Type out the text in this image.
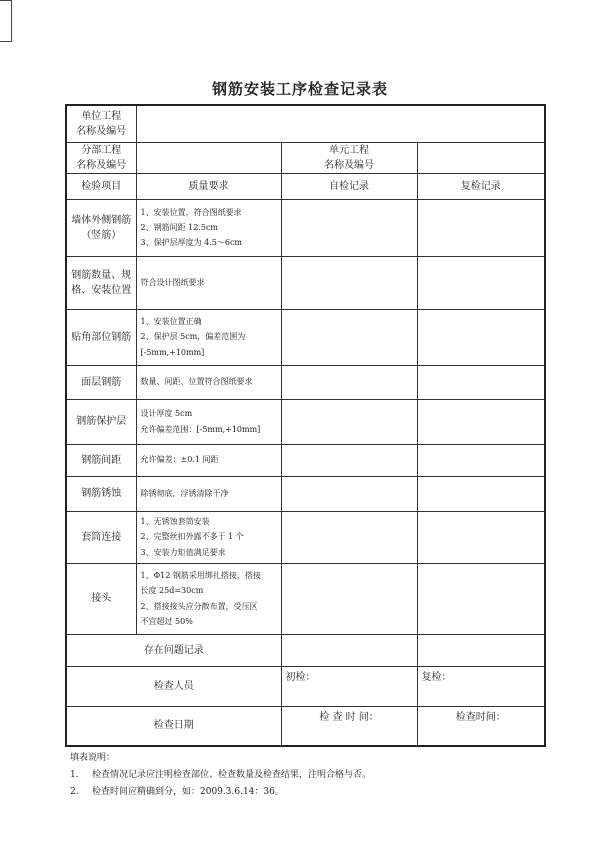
钢筋安装工序检查记录表
单位工程
名称及编号			

分部工程
名称及编号		单元工程
名称及编号	

检验项目	质量要求	自检记录	复检记录
墙体外侧钢筋（竖筋）	1、安装位置，符合图纸要求
2、钢筋间距 12.5cm
3、保护层厚度为 4.5～6cm		

钢筋数量、规格、安装位置	符合设计图纸要求		

贴角部位钢筋	1、安装位置正确
2、保护层 5cm，偏差范围为
[-5mm,+10mm]		

面层钢筋	数量、间距、位置符合图纸要求		

钢筋保护层	设计厚度 5cm
允许偏差范围：[-5mm,+10mm]		

钢筋间距	允许偏差：±0.1 间距		

钢筋锈蚀	除锈彻底，浮锈清除干净		

套筒连接	1、无锈蚀套筒安装
2、完整丝扣外露不多于 1 个
3、安装力矩值满足要求		

接头	1、Φ12 钢筋采用绑扎搭接，搭接
长度 25d=30cm
2、搭接接头应分散布置，受压区
不宜超过 50%		

存在问题记录			
检查人员		初检：	复检：
检查日期		检 查 时 间：	检查时间：
填表说明：
1. 检查情况记录应注明检查部位、检查数量及检查结果，注明合格与否。
2. 检查时间应精确到分，如：2009.3.6.14：36。
